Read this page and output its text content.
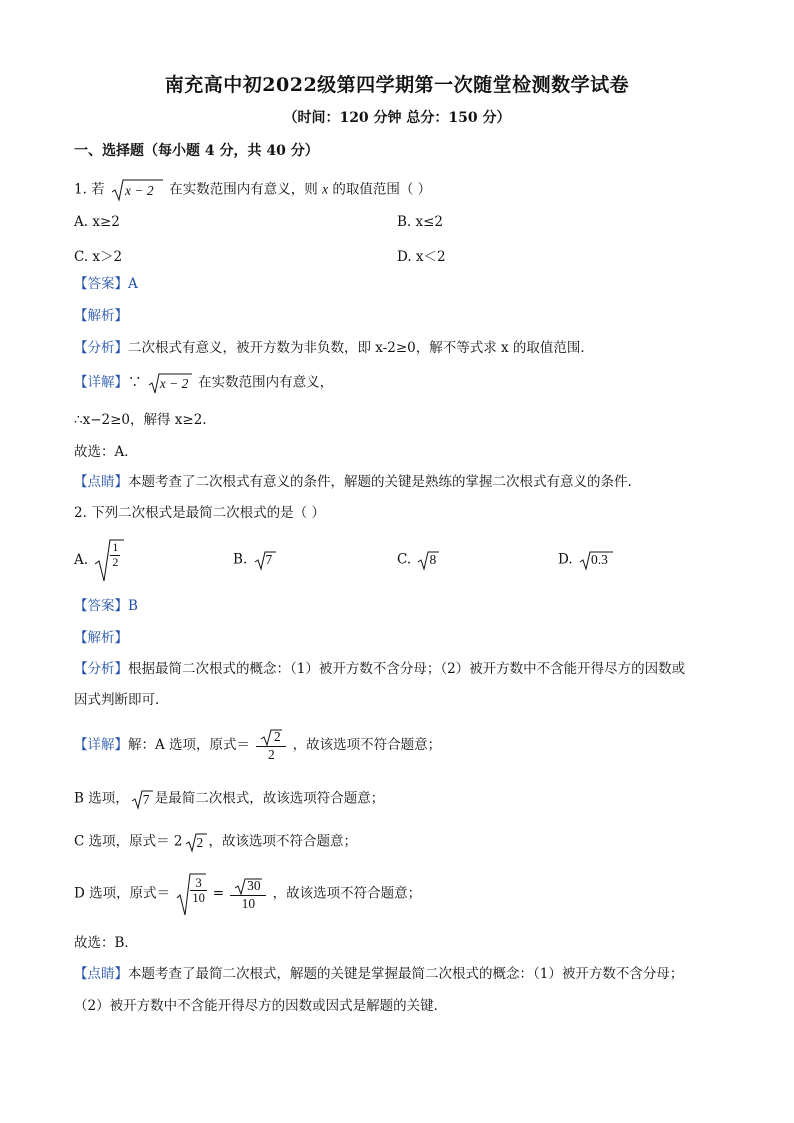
南充高中初2022级第四学期第一次随堂检测数学试卷
（时间：120 分钟 总分：150 分）
一、选择题（每小题 4 分，共 40 分）
1. 若 x − 2 在实数范围内有意义，则 x 的取值范围（ ）
A. x≥2	B. x≤2
C. x＞2	D. x＜2
【答案】A
【解析】
【分析】二次根式有意义，被开方数为非负数，即 x-2≥0，解不等式求 x 的取值范围．
【详解】∵ x − 2 在实数范围内有意义，
∴x−2≥0，解得 x≥2.
故选：A．
【点睛】本题考查了二次根式有意义的条件，解题的关键是熟练的掌握二次根式有意义的条件.
2. 下列二次根式是最简二次根式的是（ ）
A. $\frac{1}{2}$	B. 7	C. 8	D. 0.3
【答案】B
【解析】
【分析】根据最简二次根式的概念：（1）被开方数不含分母；（2）被开方数中不含能开得尽方的因数或
因式判断即可．
【详解】解：A 选项，原式＝ $\frac{2}{2}$ ，故该选项不符合题意；
B 选项， 7 是最简二次根式，故该选项符合题意；
C 选项，原式＝ 2 2 ，故该选项不符合题意；
D 选项，原式＝ $\frac{3}{10} = \frac{30}{10}$ ，故该选项不符合题意；
故选：B．
【点睛】本题考查了最简二次根式，解题的关键是掌握最简二次根式的概念：（1）被开方数不含分母；
（2）被开方数中不含能开得尽方的因数或因式是解题的关键．
